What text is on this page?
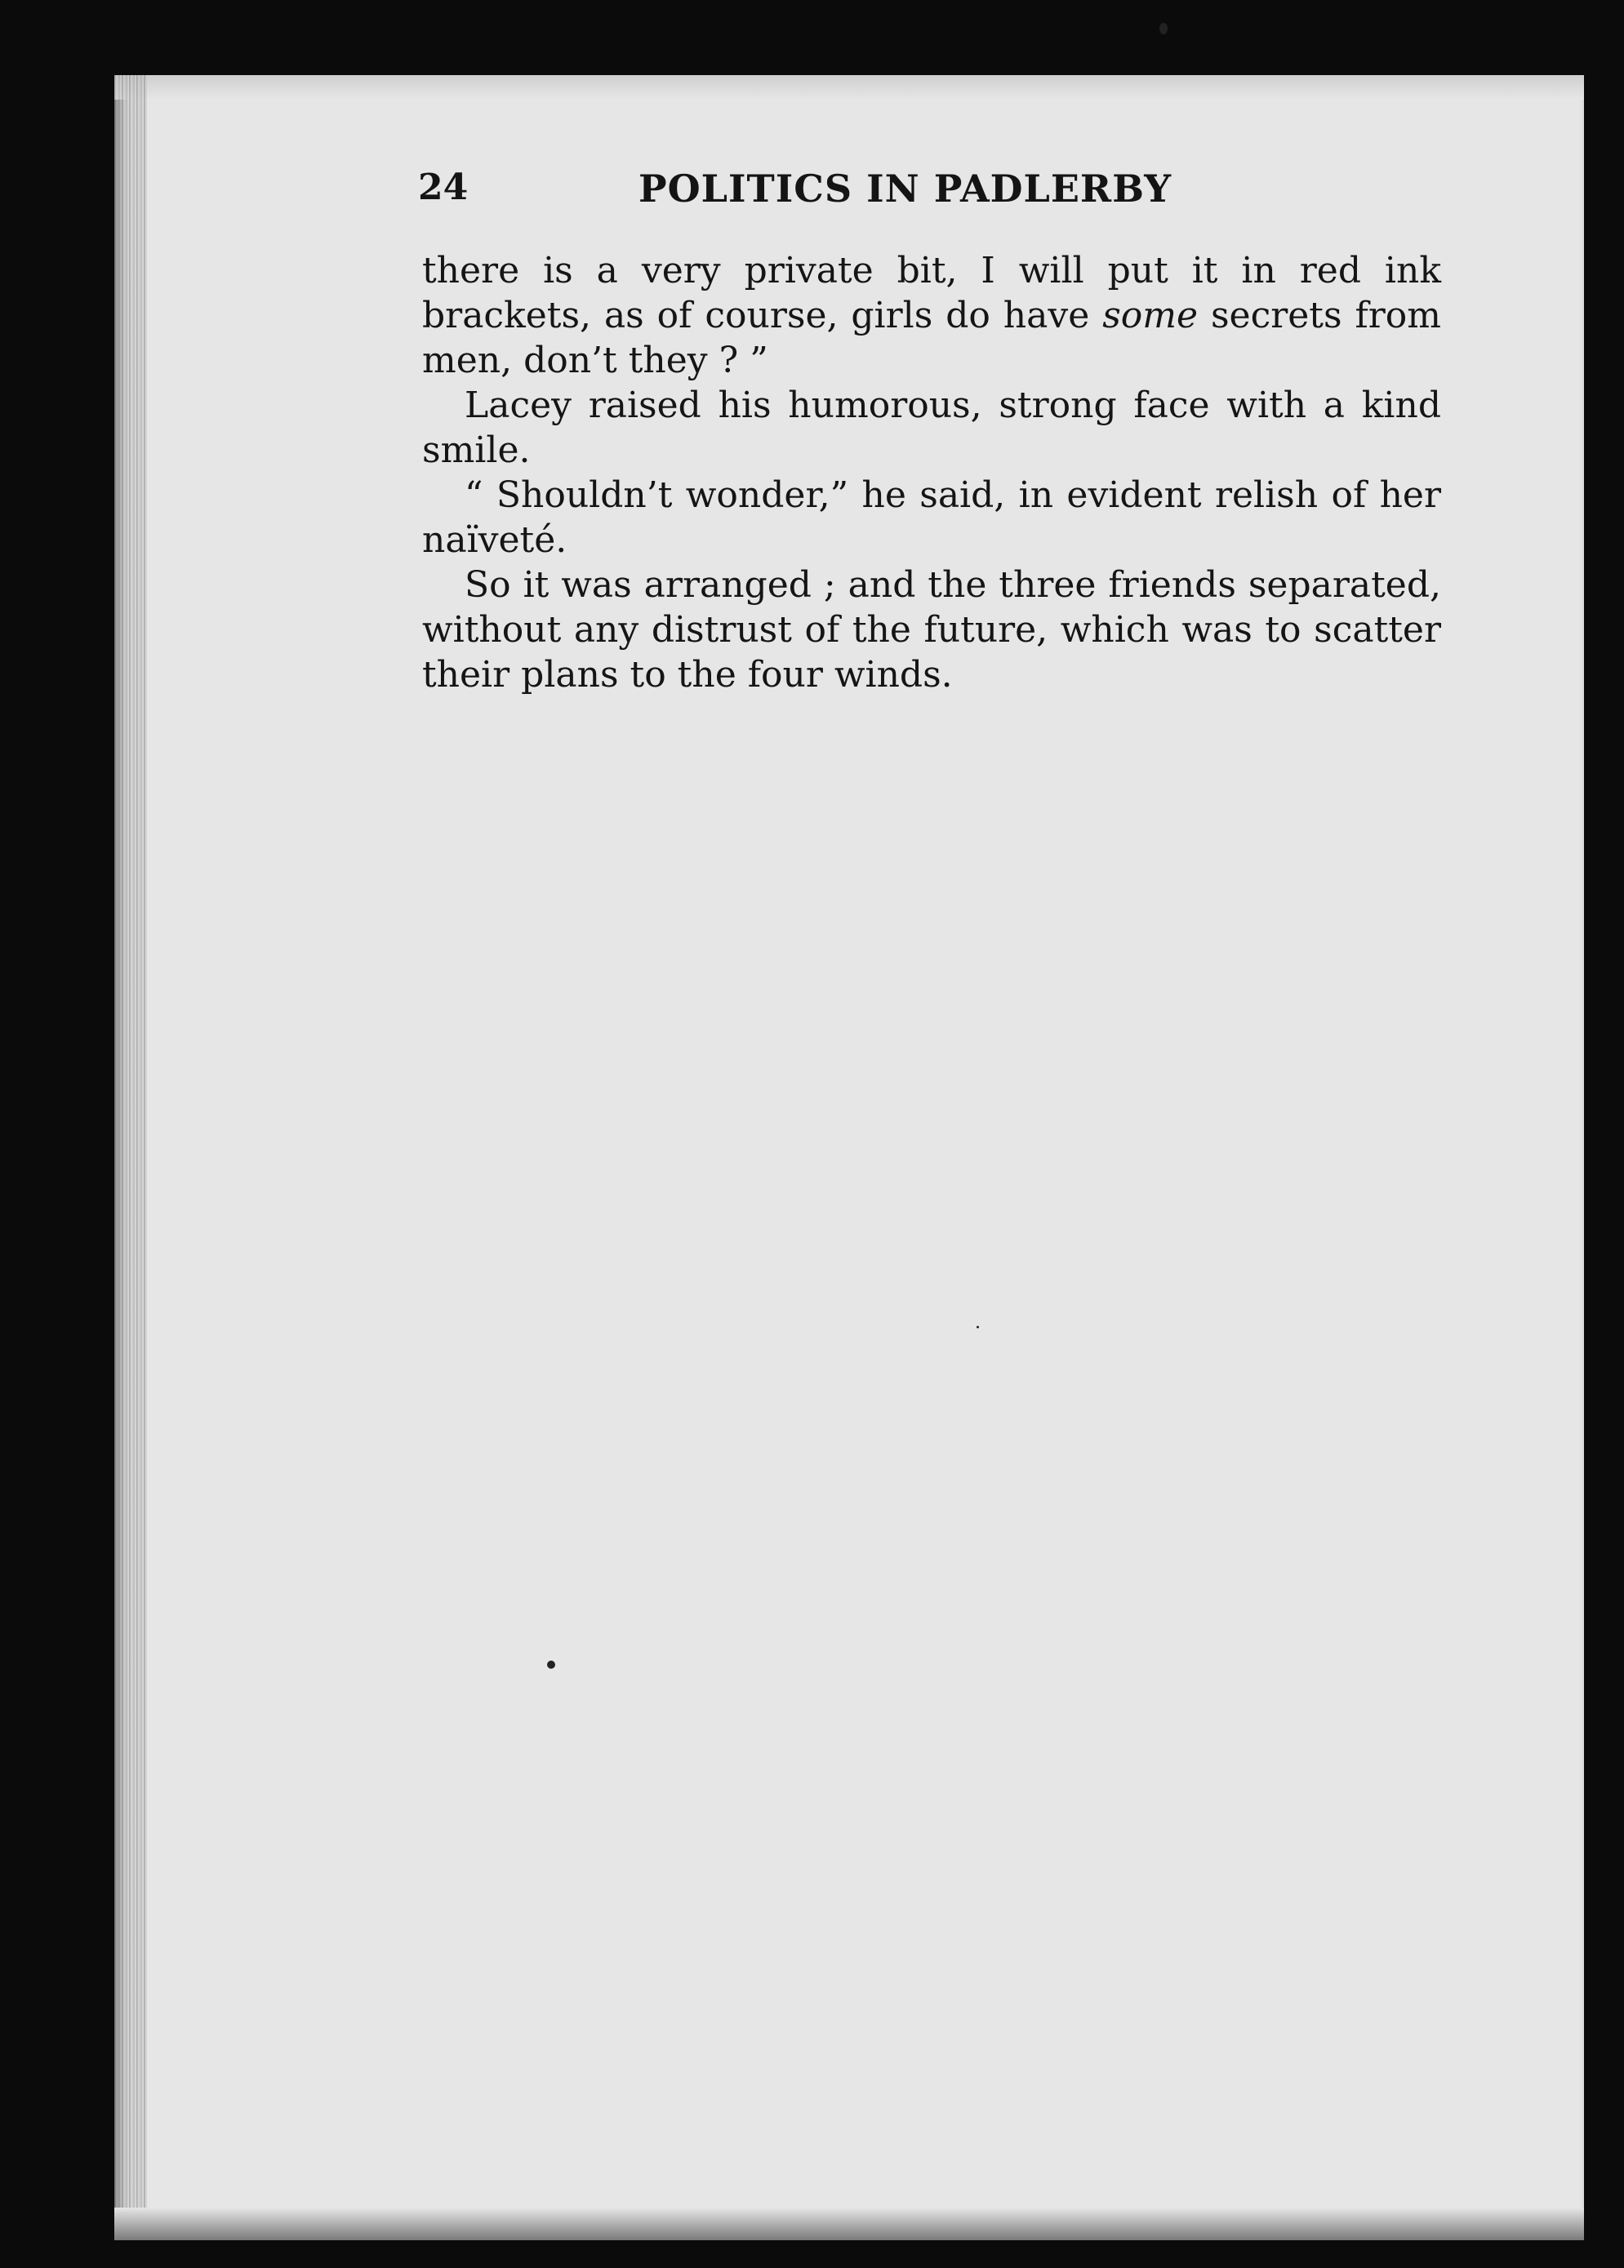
24	POLITICS IN PADLERBY

there is a very private bit, I will put it in red ink brackets, as of course, girls do have some secrets from men, don’t they ? ”

Lacey raised his humorous, strong face with a kind smile.

“ Shouldn’t wonder,” he said, in evident relish of her naïveté.

So it was arranged ; and the three friends separated, without any distrust of the future, which was to scatter their plans to the four winds.
